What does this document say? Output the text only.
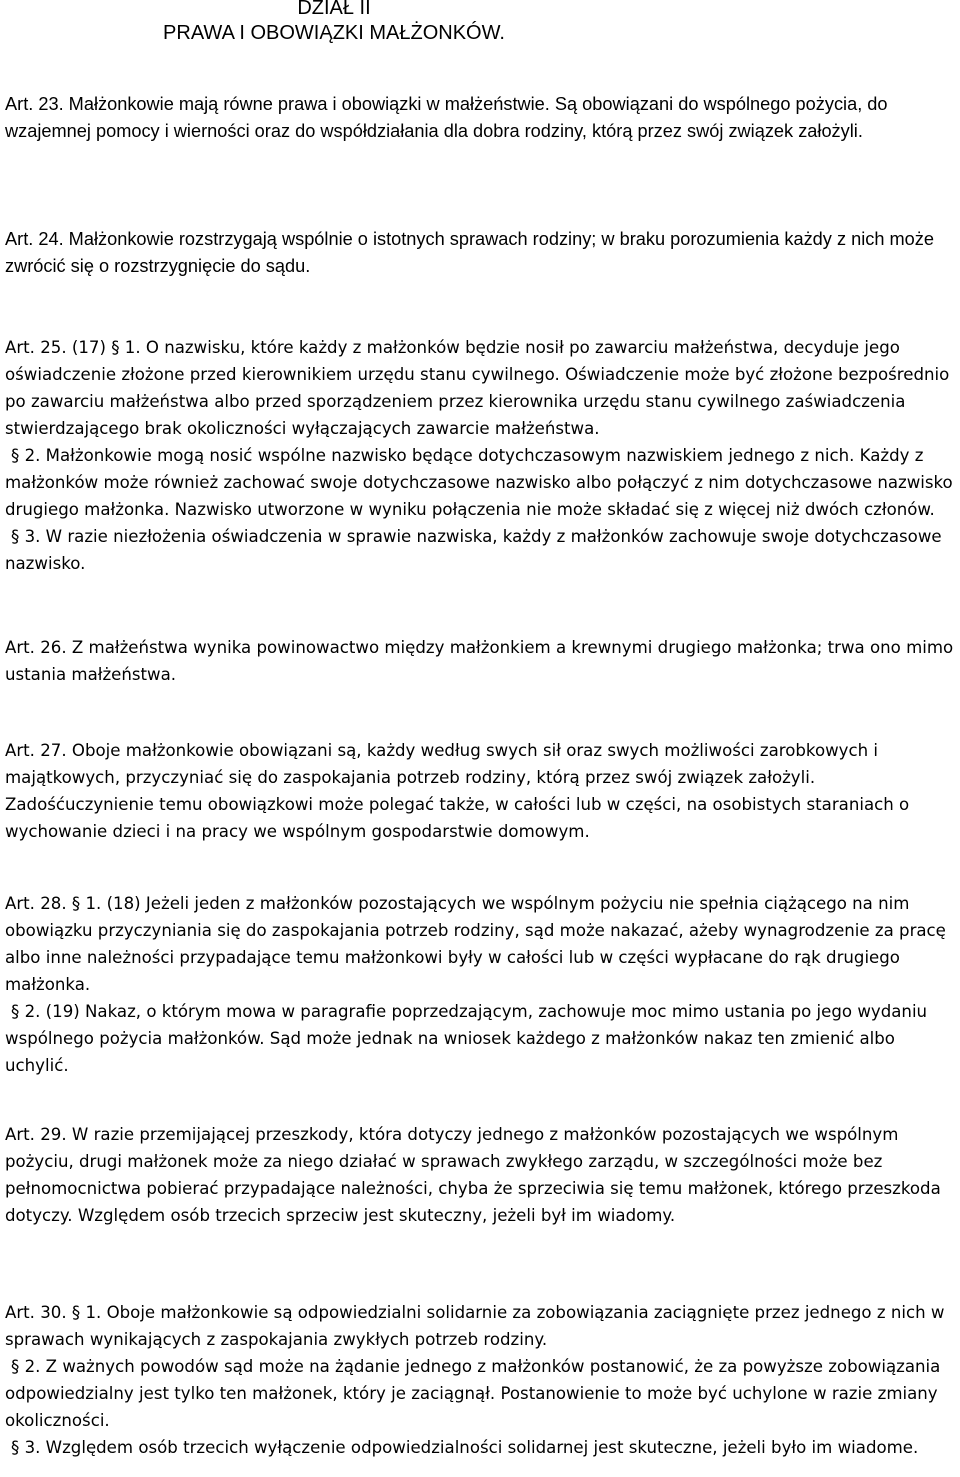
DZIAŁ II
PRAWA I OBOWIĄZKI MAŁŻONKÓW.

Art. 23. Małżonkowie mają równe prawa i obowiązki w małżeństwie. Są obowiązani do wspólnego pożycia, do wzajemnej pomocy i wierności oraz do współdziałania dla dobra rodziny, którą przez swój związek założyli.

Art. 24. Małżonkowie rozstrzygają wspólnie o istotnych sprawach rodziny; w braku porozumienia każdy z nich może zwrócić się o rozstrzygnięcie do sądu.

Art. 25. (17) § 1. O nazwisku, które każdy z małżonków będzie nosił po zawarciu małżeństwa, decyduje jego oświadczenie złożone przed kierownikiem urzędu stanu cywilnego. Oświadczenie może być złożone bezpośrednio po zawarciu małżeństwa albo przed sporządzeniem przez kierownika urzędu stanu cywilnego zaświadczenia stwierdzającego brak okoliczności wyłączających zawarcie małżeństwa.

§ 2. Małżonkowie mogą nosić wspólne nazwisko będące dotychczasowym nazwiskiem jednego z nich. Każdy z małżonków może również zachować swoje dotychczasowe nazwisko albo połączyć z nim dotychczasowe nazwisko drugiego małżonka. Nazwisko utworzone w wyniku połączenia nie może składać się z więcej niż dwóch członów.

§ 3. W razie niezłożenia oświadczenia w sprawie nazwiska, każdy z małżonków zachowuje swoje dotychczasowe nazwisko.

Art. 26. Z małżeństwa wynika powinowactwo między małżonkiem a krewnymi drugiego małżonka; trwa ono mimo ustania małżeństwa.

Art. 27. Oboje małżonkowie obowiązani są, każdy według swych sił oraz swych możliwości zarobkowych i majątkowych, przyczyniać się do zaspokajania potrzeb rodziny, którą przez swój związek założyli. Zadośćuczynienie temu obowiązkowi może polegać także, w całości lub w części, na osobistych staraniach o wychowanie dzieci i na pracy we wspólnym gospodarstwie domowym.

Art. 28. § 1. (18) Jeżeli jeden z małżonków pozostających we wspólnym pożyciu nie spełnia ciążącego na nim obowiązku przyczyniania się do zaspokajania potrzeb rodziny, sąd może nakazać, ażeby wynagrodzenie za pracę albo inne należności przypadające temu małżonkowi były w całości lub w części wypłacane do rąk drugiego małżonka.

§ 2. (19) Nakaz, o którym mowa w paragrafie poprzedzającym, zachowuje moc mimo ustania po jego wydaniu wspólnego pożycia małżonków. Sąd może jednak na wniosek każdego z małżonków nakaz ten zmienić albo uchylić.

Art. 29. W razie przemijającej przeszkody, która dotyczy jednego z małżonków pozostających we wspólnym pożyciu, drugi małżonek może za niego działać w sprawach zwykłego zarządu, w szczególności może bez pełnomocnictwa pobierać przypadające należności, chyba że sprzeciwia się temu małżonek, którego przeszkoda dotyczy. Względem osób trzecich sprzeciw jest skuteczny, jeżeli był im wiadomy.

Art. 30. § 1. Oboje małżonkowie są odpowiedzialni solidarnie za zobowiązania zaciągnięte przez jednego z nich w sprawach wynikających z zaspokajania zwykłych potrzeb rodziny.

§ 2. Z ważnych powodów sąd może na żądanie jednego z małżonków postanowić, że za powyższe zobowiązania odpowiedzialny jest tylko ten małżonek, który je zaciągnął. Postanowienie to może być uchylone w razie zmiany okoliczności.

§ 3. Względem osób trzecich wyłączenie odpowiedzialności solidarnej jest skuteczne, jeżeli było im wiadome.
